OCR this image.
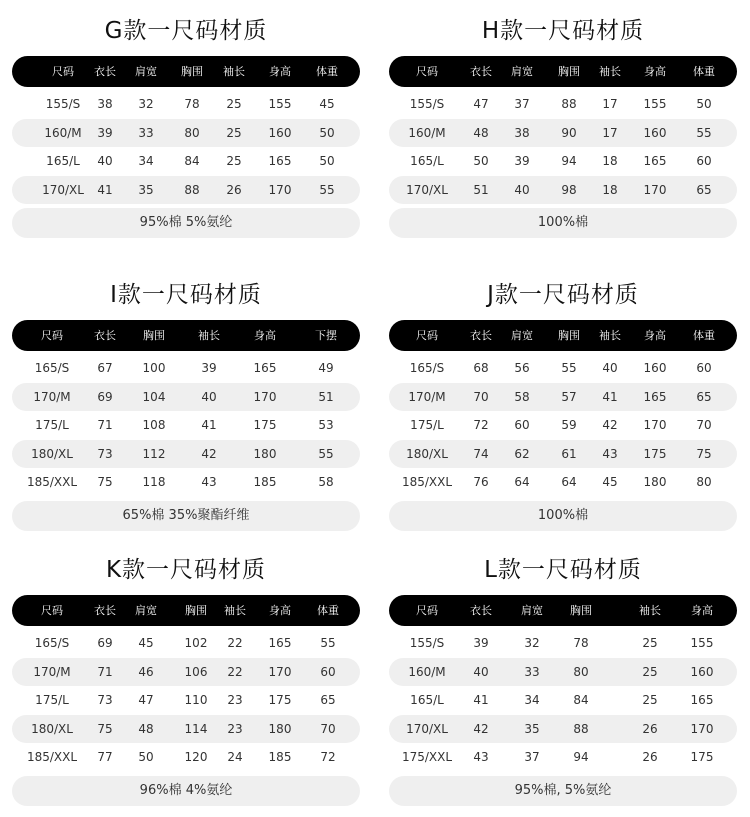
G款一尺码材质
尺码 衣长 肩宽 胸围 袖长 身高 体重
155/S 38 32	78 25 155 45
160/M 39 33	80 25 160 50
165/L 40 34	84 25 165 50
170/XL 41 35	88 26 170 55
95%棉 5%氨纶
H款一尺码材质
尺码	衣长 肩宽 胸围 袖长 身高 体重
155/S 47 37	88 17 155 50
160/M 48 38	90 17 160 55
165/L 50 39	94 18 165 60
170/XL 51 40	98 18 170 65
100%棉
I款一尺码材质
尺码	衣长 胸围	袖长	身高	下摆
165/S 67 100	39	165	49
170/M 69 104	40	170	51
175/L 71 108	41	175	53
180/XL 73 112	42	180	55
185/XXL 75 118	43	185	58
65%棉 35%聚酯纤维
J款一尺码材质
尺码	衣长 肩宽 胸围 袖长 身高 体重
165/S 68 56	55 40 160 60
170/M 70 58	57 41 165 65
175/L 72 60	59 42 170 70
180/XL 74 62	61 43 175 75
185/XXL 76 64	64 45 180 80
100%棉
K款一尺码材质
尺码	衣长 肩宽	胸围 袖长 身高 体重
165/S 69 45	102 22 165 55
170/M 71 46	106 22 170 60
175/L 73 47	110 23 175 65
180/XL 75 48	114 23 180 70
185/XXL 77 50	120 24 185 72
96%棉 4%氨纶
L款一尺码材质
尺码	衣长	肩宽 胸围	袖长	身高
155/S 39	32	78	25	155
160/M 40	33	80	25	160
165/L 41	34	84	25	165
170/XL 42	35	88	26	170
175/XXL 43	37	94	26	175
95%棉, 5%氨纶
